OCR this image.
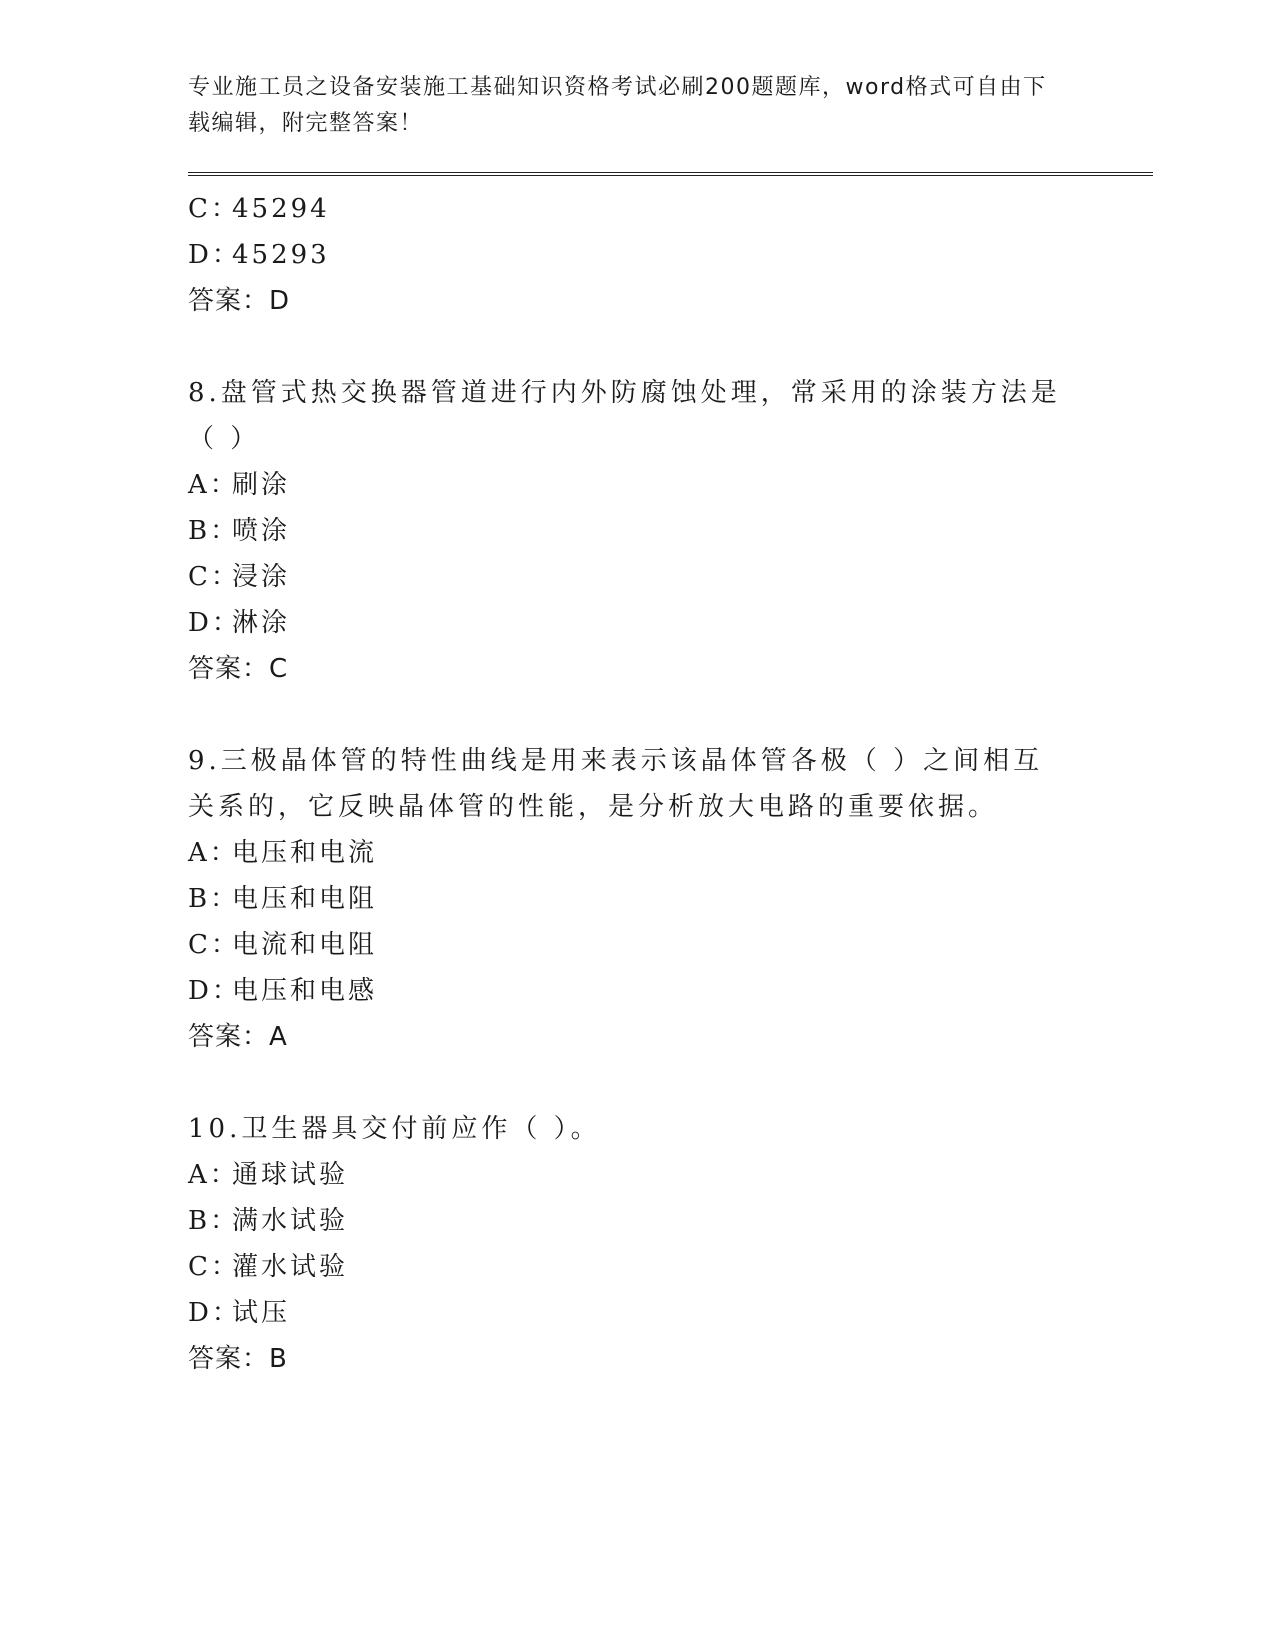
专业施工员之设备安装施工基础知识资格考试必刷200题题库，word格式可自由下载编辑，附完整答案！

C：45294
D：45293
答案：D
8.盘管式热交换器管道进行内外防腐蚀处理，常采用的涂装方法是（ ）
A：刷涂
B：喷涂
C：浸涂
D：淋涂
答案：C
9.三极晶体管的特性曲线是用来表示该晶体管各极（ ）之间相互关系的，它反映晶体管的性能，是分析放大电路的重要依据。
A：电压和电流
B：电压和电阻
C：电流和电阻
D：电压和电感
答案：A
10.卫生器具交付前应作（ ）。
A：通球试验
B：满水试验
C：灌水试验
D：试压
答案：B
